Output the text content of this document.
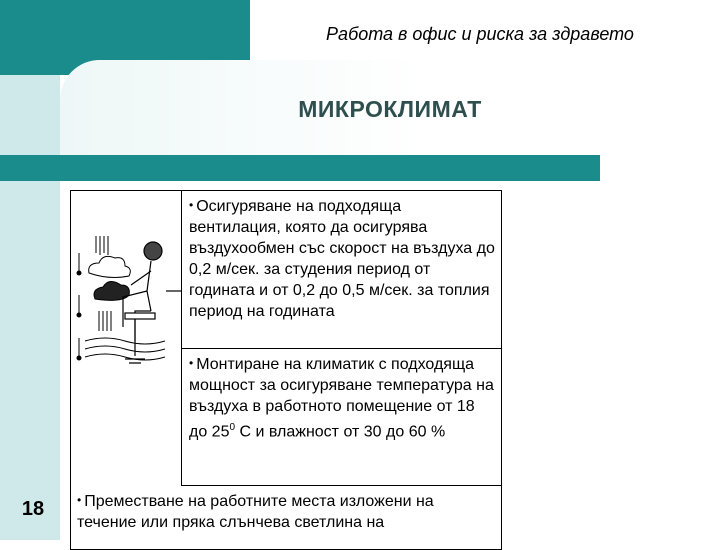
Работа в офис и риска за здравето
МИКРОКЛИМАТ
18
• Осигуряване на подходяща вентилация, която да осигурява въздухообмен със скорост на въздуха до 0,2 м/сек. за студения период от годината и от 0,2 до 0,5 м/сек. за топлия период на годината
• Монтиране на климатик с подходяща мощност за осигуряване температура на въздуха в работното помещение от 18 до $25^0$ С и влажност от 30 до 60 %
• Преместване на работните места изложени на течение или пряка слънчева светлина на
